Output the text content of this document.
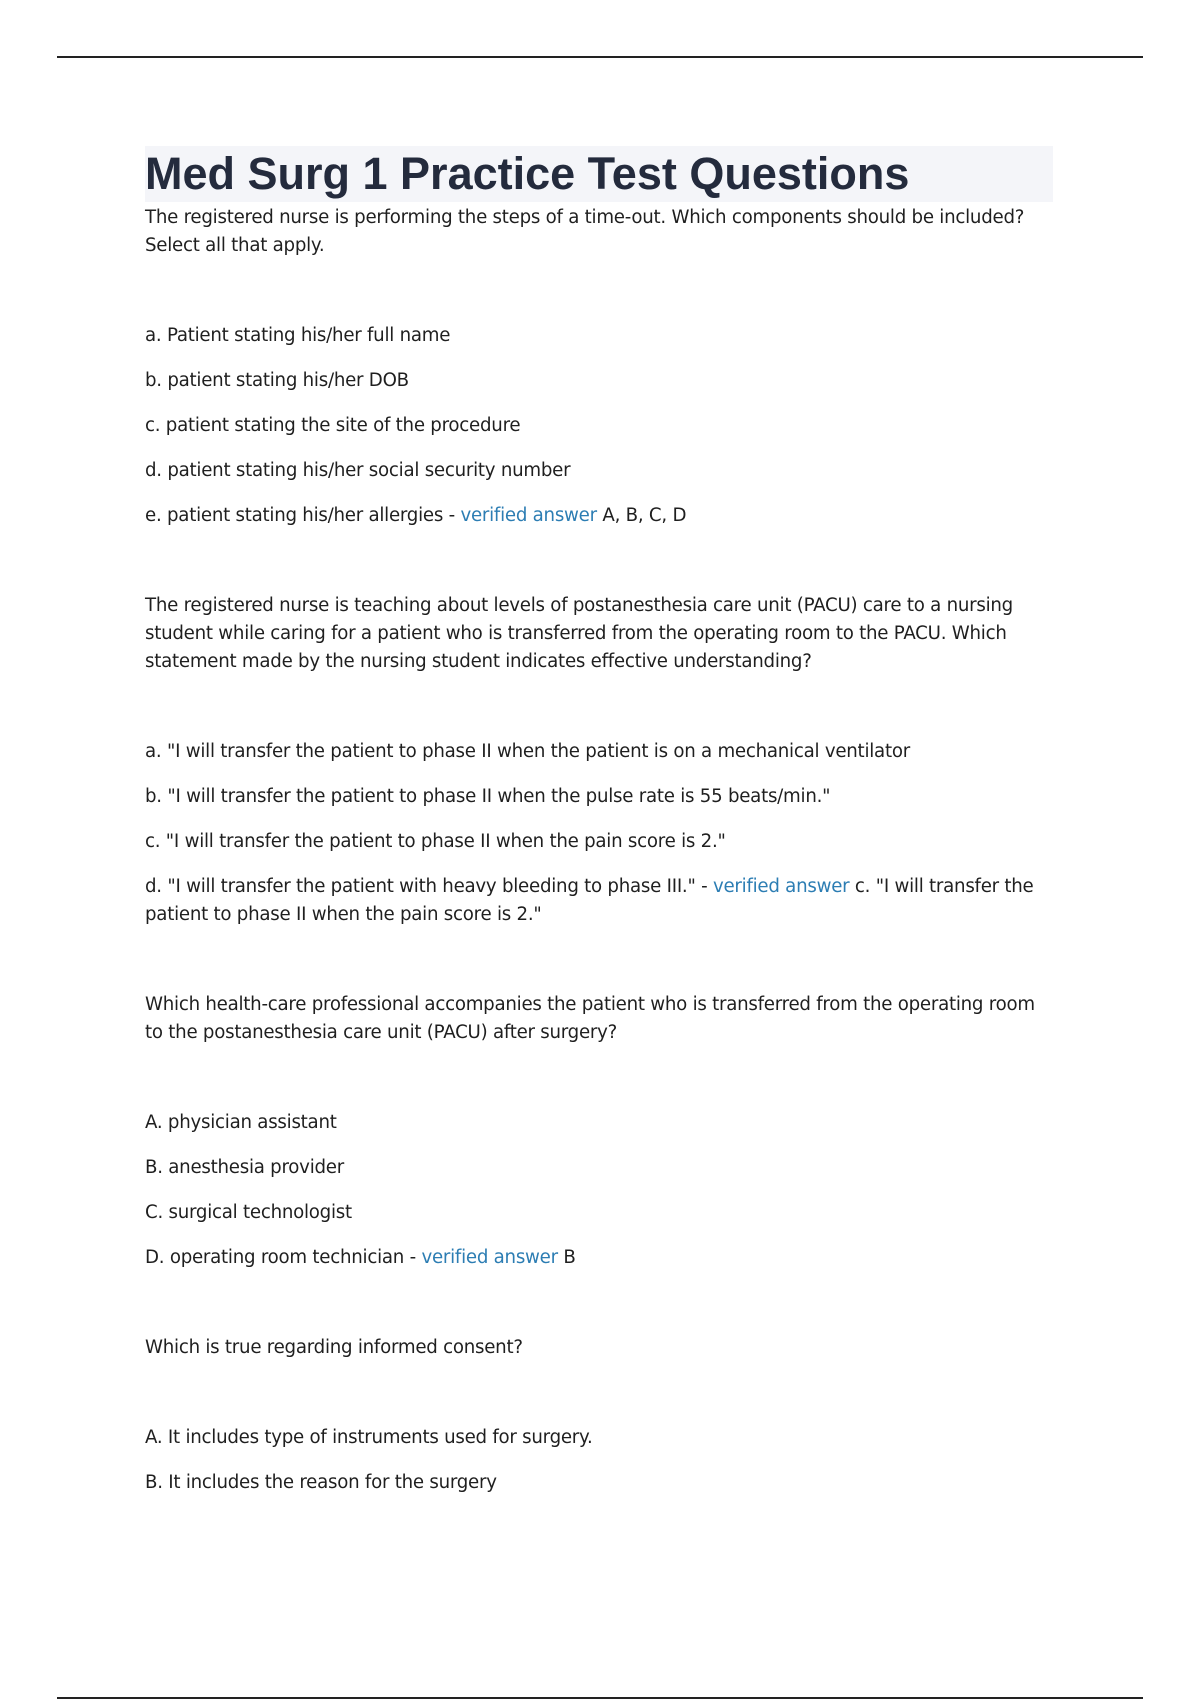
Med Surg 1 Practice Test Questions

The registered nurse is performing the steps of a time-out. Which components should be included? Select all that apply.

a. Patient stating his/her full name

b. patient stating his/her DOB

c. patient stating the site of the procedure

d. patient stating his/her social security number

e. patient stating his/her allergies - verified answer A, B, C, D

The registered nurse is teaching about levels of postanesthesia care unit (PACU) care to a nursing student while caring for a patient who is transferred from the operating room to the PACU. Which statement made by the nursing student indicates effective understanding?

a. "I will transfer the patient to phase II when the patient is on a mechanical ventilator

b. "I will transfer the patient to phase II when the pulse rate is 55 beats/min."

c. "I will transfer the patient to phase II when the pain score is 2."

d. "I will transfer the patient with heavy bleeding to phase III." - verified answer c. "I will transfer the patient to phase II when the pain score is 2."

Which health-care professional accompanies the patient who is transferred from the operating room to the postanesthesia care unit (PACU) after surgery?

A. physician assistant

B. anesthesia provider

C. surgical technologist

D. operating room technician - verified answer B

Which is true regarding informed consent?

A. It includes type of instruments used for surgery.

B. It includes the reason for the surgery
